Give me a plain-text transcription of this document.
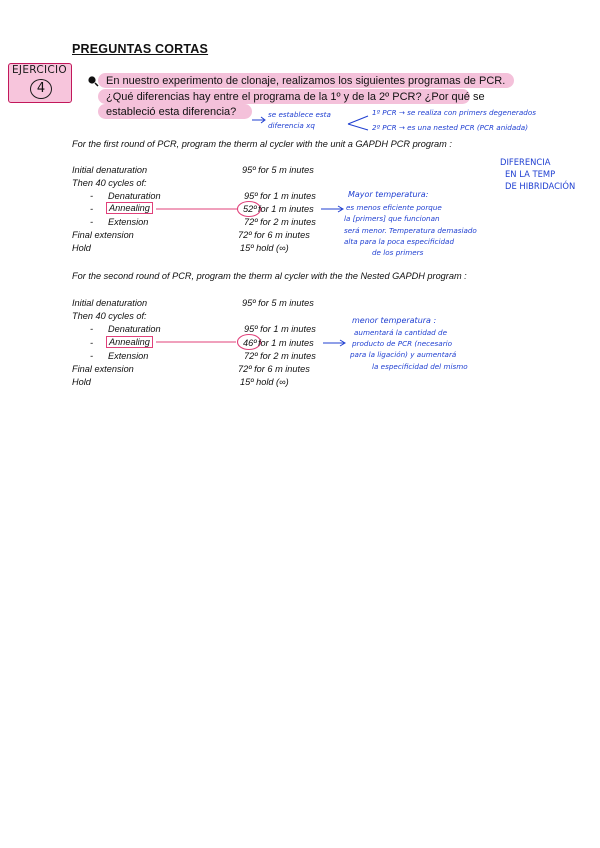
PREGUNTAS CORTAS
EJERCICIO
4	En nuestro experimento de clonaje, realizamos los siguientes programas de PCR.
¿Qué diferencias hay entre el programa de la 1º y de la 2º PCR? ¿Por qué se
estableció esta diferencia?	se establece esta
diferencia xq
1º PCR → se realiza con primers degenerados
2º PCR → es una nested PCR (PCR anidada)
DIFERENCIA
EN LA TEMP
DE HIBRIDACIÓN
For the first round of PCR, program the therm al cycler with the unit a GAPDH PCR program :
Initial denaturation	95º for 5 m inutes
Then 40 cycles of:
- Denaturation	95º for 1 m inutes
-	Annealing	52º for 1 m inutes
- Extension	72º for 2 m inutes
Final extension	72º for 6 m inutes
Hold	15º hold (∞)
Mayor temperatura:
es menos eficiente porque
la [primers] que funcionan
será menor. Temperatura demasiado
alta para la poca especificidad
de los primers
For the second round of PCR, program the therm al cycler with the the Nested GAPDH program :
Initial denaturation	95º for 5 m inutes
Then 40 cycles of:
- Denaturation	95º for 1 m inutes
-	Annealing	46º for 1 m inutes
- Extension	72º for 2 m inutes
Final extension	72º for 6 m inutes
Hold	15º hold (∞)
menor temperatura :
aumentará la cantidad de
producto de PCR (necesario
para la ligación) y aumentará
la especificidad del mismo
